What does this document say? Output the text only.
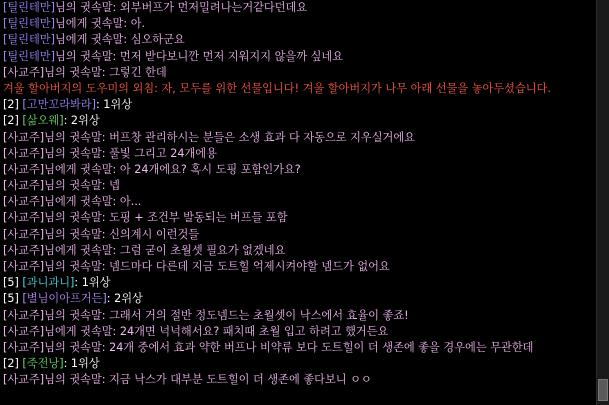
[틸린테만]님의 귓속말: 외부버프가 먼저밀려나는거같다던데요
[틸린테만]님에게 귓속말: 아.
[틸린테만]님에게 귓속말: 심오하군요
[틸린테만]님의 귓속말: 먼저 받다보니깐 먼저 지워지지 않을까 싶네요
[사교주]님의 귓속말: 그렇긴 한데
겨울 할아버지의 도우미의 외침: 자, 모두를 위한 선물입니다! 겨울 할아버지가 나무 아래 선물을 놓아두셨습니다.
[2] [고만꼬라봐라]: 1위상
[2] [삶오웨]: 2위상
[사교주]님의 귓속말: 버프창 관리하시는 분들은 소생 효과 다 자동으로 지우실거에요
[사교주]님의 귓속말: 풀빛 그리고 24개에용
[사교주]님에게 귓속말: 아 24개에요? 혹시 도핑 포함인가요?
[사교주]님의 귓속말: 넵
[사교주]님에게 귓속말: 아...
[사교주]님의 귓속말: 도핑 + 조건부 발동되는 버프들 포함
[사교주]님의 귓속말: 신의계시 이런것들
[사교주]님에게 귓속말: 그럼 굳이 초월셋 필요가 없겠네요
[사교주]님의 귓속말: 넴드마다 다른데 지금 도트힐 억제시켜야할 넴드가 없어요
[5] [과니과니]: 1위상
[5] [별님이아프거든]: 2위상
[사교주]님의 귓속말: 그래서 거의 절반 정도넴드는 초월셋이 낙스에서 효율이 좋죠!
[사교주]님에게 귓속말: 24개면 넉넉해서요? 패치때 초월 입고 하려고 했거든요
[사교주]님의 귓속말: 24개 중에서 효과 약한 버프나 비약류 보다 도트힐이 더 생존에 좋을 경우에는 무관한데
[2] [죽전낭]: 1위상
[사교주]님의 귓속말: 지금 낙스가 대부분 도트힐이 더 생존에 좋다보니 ㅇㅇ
